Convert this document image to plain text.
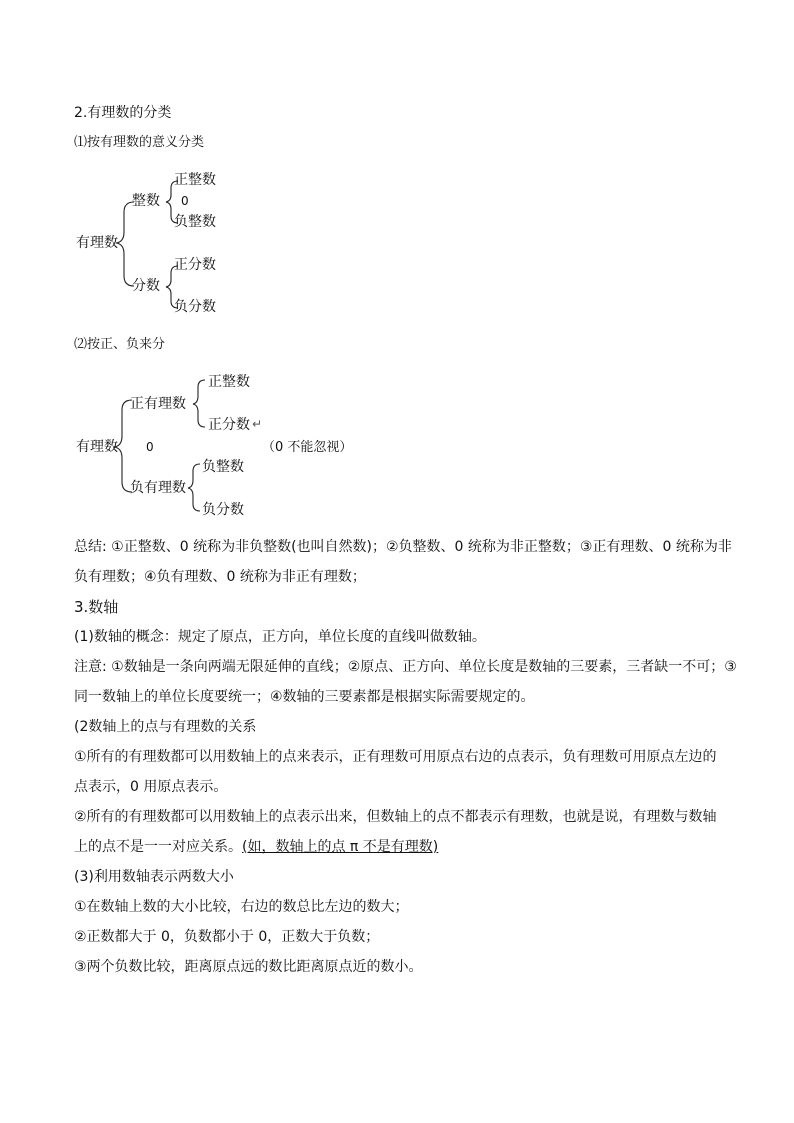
2.有理数的分类
⑴按有理数的意义分类
有理数
整数
正整数
0
负整数
分数
正分数
负分数
⑵按正、负来分
有理数
正有理数
正整数
正分数 ↵
0	（0 不能忽视）
负有理数
负整数
负分数
总结: ①正整数、0 统称为非负整数(也叫自然数)；②负整数、0 统称为非正整数；③正有理数、0 统称为非
负有理数；④负有理数、0 统称为非正有理数；
3.数轴
(1)数轴的概念：规定了原点，正方向，单位长度的直线叫做数轴。
注意: ①数轴是一条向两端无限延伸的直线；②原点、正方向、单位长度是数轴的三要素，三者缺一不可；③
同一数轴上的单位长度要统一；④数轴的三要素都是根据实际需要规定的。
(2数轴上的点与有理数的关系
①所有的有理数都可以用数轴上的点来表示，正有理数可用原点右边的点表示，负有理数可用原点左边的
点表示，0 用原点表示。
②所有的有理数都可以用数轴上的点表示出来，但数轴上的点不都表示有理数，也就是说，有理数与数轴
上的点不是一一对应关系。(如，数轴上的点 π 不是有理数)
(3)利用数轴表示两数大小
①在数轴上数的大小比较，右边的数总比左边的数大；
②正数都大于 0，负数都小于 0，正数大于负数；
③两个负数比较，距离原点远的数比距离原点近的数小。
